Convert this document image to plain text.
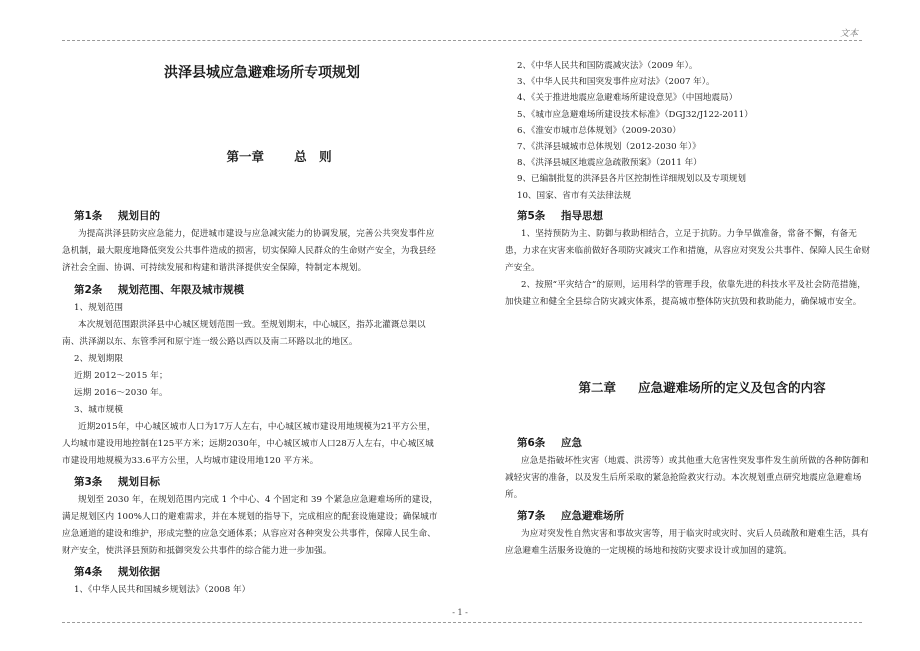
文本
洪泽县城应急避难场所专项规划

第一章 总　则

第1条	规划目的

为提高洪泽县防灾应急能力，促进城市建设与应急减灾能力的协调发展，完善公共突发事件应急机制，最大限度地降低突发公共事件造成的损害，切实保障人民群众的生命财产安全，为我县经济社会全面、协调、可持续发展和构建和谐洪泽提供安全保障，特制定本规划。

第2条	规划范围、年限及城市规模

1、规划范围

本次规划范围跟洪泽县中心城区规划范围一致。至规划期末，中心城区，指苏北灌溉总渠以南、洪泽湖以东、东管季河和原宁连一级公路以西以及南二环路以北的地区。

2、规划期限

近期 2012～2015 年；

远期 2016～2030 年。

3、城市规模

近期2015年，中心城区城市人口为17万人左右，中心城区城市建设用地规模为21平方公里，人均城市建设用地控制在125平方米；远期2030年，中心城区城市人口28万人左右，中心城区城市建设用地规模为33.6平方公里，人均城市建设用地120 平方米。

第3条	规划目标

规划至 2030 年，在规划范围内完成 1 个中心、4 个固定和 39 个紧急应急避难场所的建设，满足规划区内 100%人口的避难需求，并在本规划的指导下，完成相应的配套设施建设；确保城市应急通道的建设和维护，形成完整的应急交通体系；从容应对各种突发公共事件，保障人民生命、财产安全，使洪泽县预防和抵御突发公共事件的综合能力进一步加强。

第4条	规划依据

1、《中华人民共和国城乡规划法》（2008 年）

2、《中华人民共和国防震减灾法》（2009 年）。

3、《中华人民共和国突发事件应对法》（2007 年）。

4、《关于推进地震应急避难场所建设意见》（中国地震局）

5、《城市应急避难场所建设技术标准》（DGJ32/J122-2011）

6、《淮安市城市总体规划》（2009-2030）

7、《洪泽县城城市总体规划（2012-2030 年）》

8、《洪泽县城区地震应急疏散预案》（2011 年）

9、已编制批复的洪泽县各片区控制性详细规划以及专项规划

10、国家、省市有关法律法规

第5条	指导思想

1、坚持预防为主、防御与救助相结合，立足于抗防。力争早做准备，常备不懈，有备无患，力求在灾害来临前做好各项防灾减灾工作和措施，从容应对突发公共事件、保障人民生命财产安全。

2、按照“平灾结合”的原则，运用科学的管理手段，依靠先进的科技水平及社会防范措施，加快建立和健全全县综合防灾减灾体系，提高城市整体防灾抗毁和救助能力，确保城市安全。

第二章 应急避难场所的定义及包含的内容

第6条	应急

应急是指破坏性灾害（地震、洪涝等）或其他重大危害性突发事件发生前所做的各种防御和减轻灾害的准备，以及发生后所采取的紧急抢险救灾行动。本次规划重点研究地震应急避难场所。

第7条	应急避难场所

为应对突发性自然灾害和事故灾害等，用于临灾时或灾时、灾后人员疏散和避难生活，具有应急避难生活服务设施的一定规模的场地和按防灾要求设计或加固的建筑。

- 1 -
